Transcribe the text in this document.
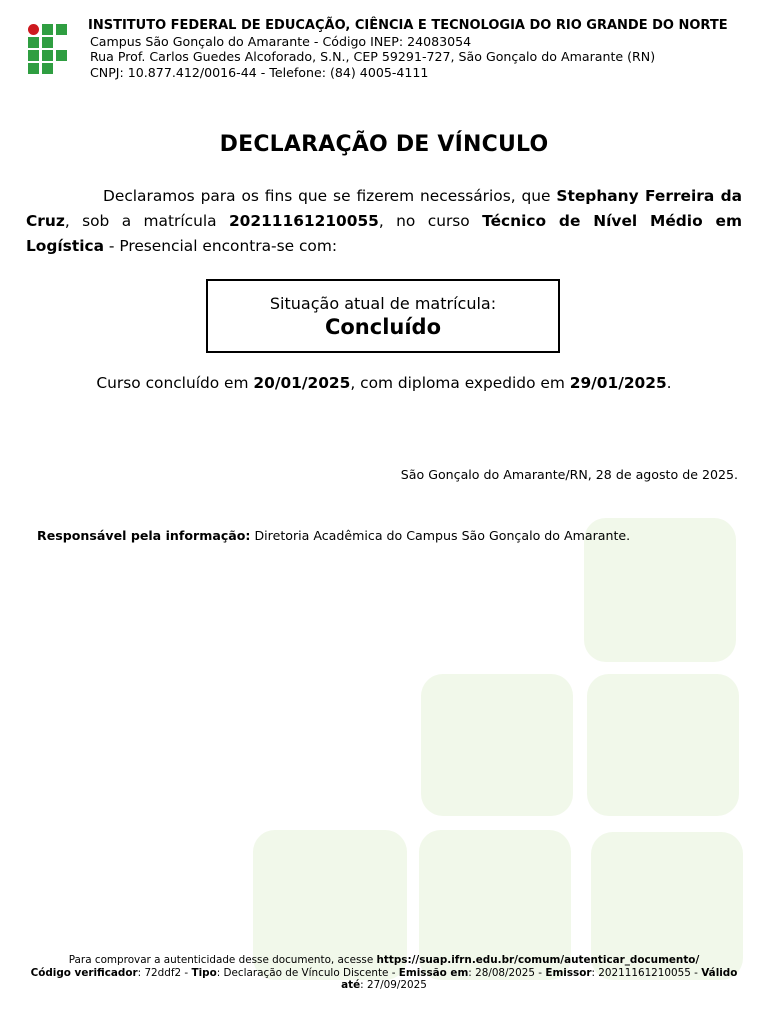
INSTITUTO FEDERAL DE EDUCAÇÃO, CIÊNCIA E TECNOLOGIA DO RIO GRANDE DO NORTE
Campus São Gonçalo do Amarante - Código INEP: 24083054
Rua Prof. Carlos Guedes Alcoforado, S.N., CEP 59291-727, São Gonçalo do Amarante (RN)
CNPJ: 10.877.412/0016-44 - Telefone: (84) 4005-4111
DECLARAÇÃO DE VÍNCULO
Declaramos para os fins que se fizerem necessários, que Stephany Ferreira da Cruz, sob a matrícula 20211161210055, no curso Técnico de Nível Médio em Logística - Presencial encontra-se com:
Situação atual de matrícula:
Concluído
Curso concluído em 20/01/2025, com diploma expedido em 29/01/2025.
São Gonçalo do Amarante/RN, 28 de agosto de 2025.
Responsável pela informação: Diretoria Acadêmica do Campus São Gonçalo do Amarante.
Para comprovar a autenticidade desse documento, acesse https://suap.ifrn.edu.br/comum/autenticar_documento/
Código verificador: 72ddf2 - Tipo: Declaração de Vínculo Discente - Emissão em: 28/08/2025 - Emissor: 20211161210055 - Válido até: 27/09/2025
